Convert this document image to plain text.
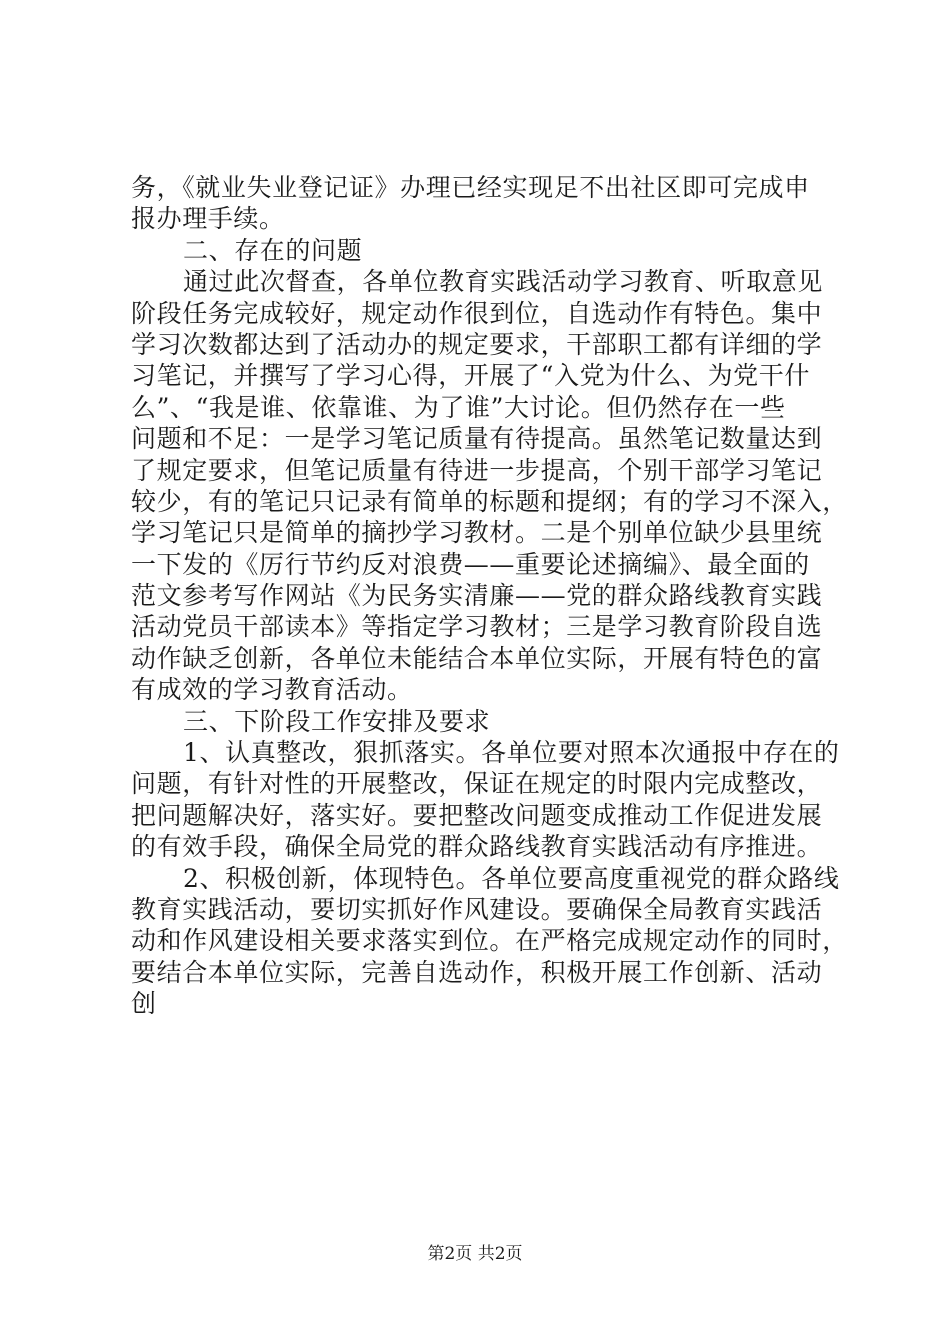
务，《就业失业登记证》办理已经实现足不出社区即可完成申
报办理手续。
二、存在的问题
通过此次督查，各单位教育实践活动学习教育、听取意见
阶段任务完成较好，规定动作很到位，自选动作有特色。集中
学习次数都达到了活动办的规定要求，干部职工都有详细的学
习笔记，并撰写了学习心得，开展了“入党为什么、为党干什
么”、“我是谁、依靠谁、为了谁”大讨论。但仍然存在一些
问题和不足：一是学习笔记质量有待提高。虽然笔记数量达到
了规定要求，但笔记质量有待进一步提高，个别干部学习笔记
较少，有的笔记只记录有简单的标题和提纲；有的学习不深入，
学习笔记只是简单的摘抄学习教材。二是个别单位缺少县里统
一下发的《厉行节约反对浪费——重要论述摘编》、最全面的
范文参考写作网站《为民务实清廉——党的群众路线教育实践
活动党员干部读本》等指定学习教材；三是学习教育阶段自选
动作缺乏创新，各单位未能结合本单位实际，开展有特色的富
有成效的学习教育活动。
三、下阶段工作安排及要求
1、认真整改，狠抓落实。各单位要对照本次通报中存在的
问题，有针对性的开展整改，保证在规定的时限内完成整改，
把问题解决好，落实好。要把整改问题变成推动工作促进发展
的有效手段，确保全局党的群众路线教育实践活动有序推进。
2、积极创新，体现特色。各单位要高度重视党的群众路线
教育实践活动，要切实抓好作风建设。要确保全局教育实践活
动和作风建设相关要求落实到位。在严格完成规定动作的同时，
要结合本单位实际，完善自选动作，积极开展工作创新、活动
创
第2页 共2页
